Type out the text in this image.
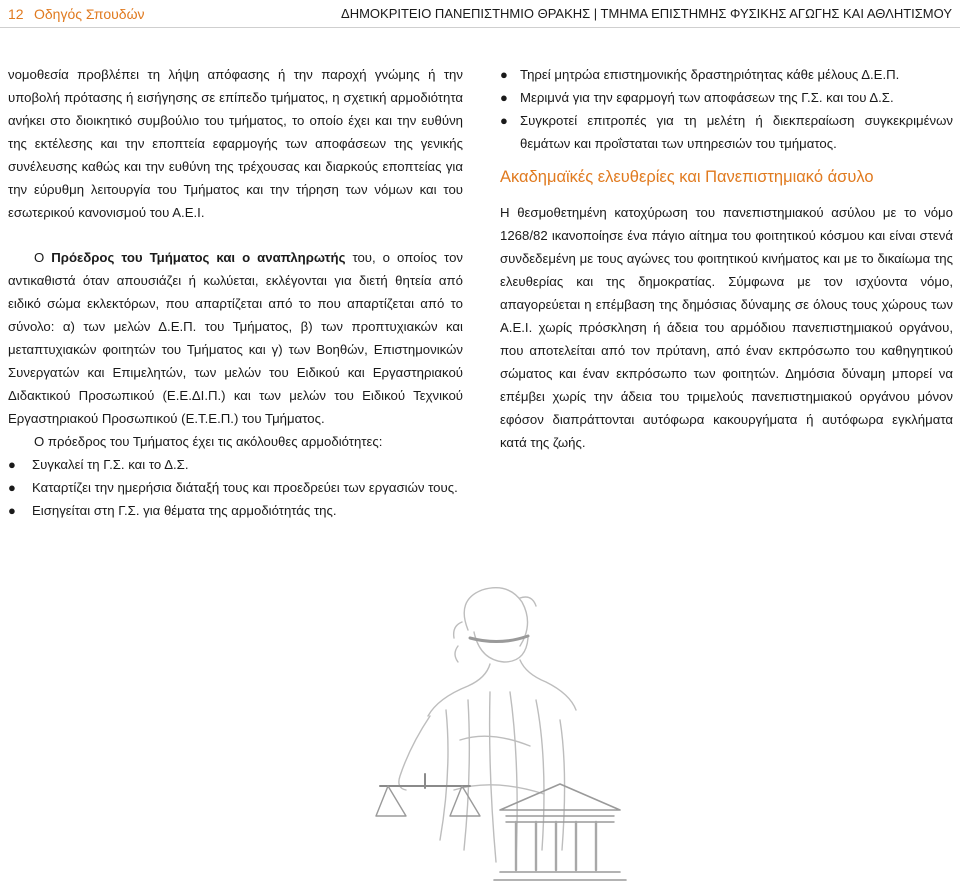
12 Οδηγός Σπουδών	ΔΗΜΟΚΡΙΤΕΙΟ ΠΑΝΕΠΙΣΤΗΜΙΟ ΘΡΑΚΗΣ | ΤΜΗΜΑ ΕΠΙΣΤΗΜΗΣ ΦΥΣΙΚΗΣ ΑΓΩΓΗΣ ΚΑΙ ΑΘΛΗΤΙΣΜΟΥ

νομοθεσία προβλέπει τη λήψη απόφασης ή την παροχή γνώμης ή την υποβολή πρότασης ή εισήγησης σε επίπεδο τμήματος, η σχετική αρμοδιότητα ανήκει στο διοικητικό συμβούλιο του τμήματος, το οποίο έχει και την ευθύνη της εκτέλεσης και την εποπτεία εφαρμογής των αποφάσεων της γενικής συνέλευσης καθώς και την ευθύνη της τρέχουσας και διαρκούς εποπτείας για την εύρυθμη λειτουργία του Τμήματος και την τήρηση των νόμων και του εσωτερικού κανονισμού του Α.Ε.Ι.

Ο Πρόεδρος του Τμήματος και ο αναπληρωτής του, ο οποίος τον αντικαθιστά όταν απουσιάζει ή κωλύεται, εκλέγονται για διετή θητεία από ειδικό σώμα εκλεκτόρων, που απαρτίζεται από το που απαρτίζεται από το σύνολο: α) των μελών Δ.Ε.Π. του Τμήματος, β) των προπτυχιακών και μεταπτυχιακών φοιτητών του Τμήματος και γ) των Βοηθών, Επιστημονικών Συνεργατών και Επιμελητών, των μελών του Ειδικού και Εργαστηριακού Διδακτικού Προσωπικού (Ε.Ε.ΔΙ.Π.) και των μελών του Ειδικού Τεχνικού Εργαστηριακού Προσωπικού (Ε.Τ.Ε.Π.) του Τμήματος.

Ο πρόεδρος του Τμήματος έχει τις ακόλουθες αρμοδιότητες:

● Συγκαλεί τη Γ.Σ. και το Δ.Σ.

● Καταρτίζει την ημερήσια διάταξή τους και προεδρεύει των εργασιών τους.

● Εισηγείται στη Γ.Σ. για θέματα της αρμοδιότητάς της.

● Τηρεί μητρώα επιστημονικής δραστηριότητας κάθε μέλους Δ.Ε.Π.

● Μεριμνά για την εφαρμογή των αποφάσεων της Γ.Σ. και του Δ.Σ.

● Συγκροτεί επιτροπές για τη μελέτη ή διεκπεραίωση συγκεκριμένων θεμάτων και προΐσταται των υπηρεσιών του τμήματος.

Ακαδημαϊκές ελευθερίες και Πανεπιστημιακό άσυλο

Η θεσμοθετημένη κατοχύρωση του πανεπιστημιακού ασύλου με το νόμο 1268/82 ικανοποίησε ένα πάγιο αίτημα του φοιτητικού κόσμου και είναι στενά συνδεδεμένη με τους αγώνες του φοιτητικού κινήματος και με το δικαίωμα της ελευθερίας και της δημοκρατίας. Σύμφωνα με τον ισχύοντα νόμο, απαγορεύεται η επέμβαση της δημόσιας δύναμης σε όλους τους χώρους των Α.Ε.Ι. χωρίς πρόσκληση ή άδεια του αρμόδιου πανεπιστημιακού οργάνου, που αποτελείται από τον πρύτανη, από έναν εκπρόσωπο του καθηγητικού σώματος και έναν εκπρόσωπο των φοιτητών. Δημόσια δύναμη μπορεί να επέμβει χωρίς την άδεια του τριμελούς πανεπιστημιακού οργάνου μόνον εφόσον διαπράττονται αυτόφωρα κακουργήματα ή αυτόφωρα εγκλήματα κατά της ζωής.
